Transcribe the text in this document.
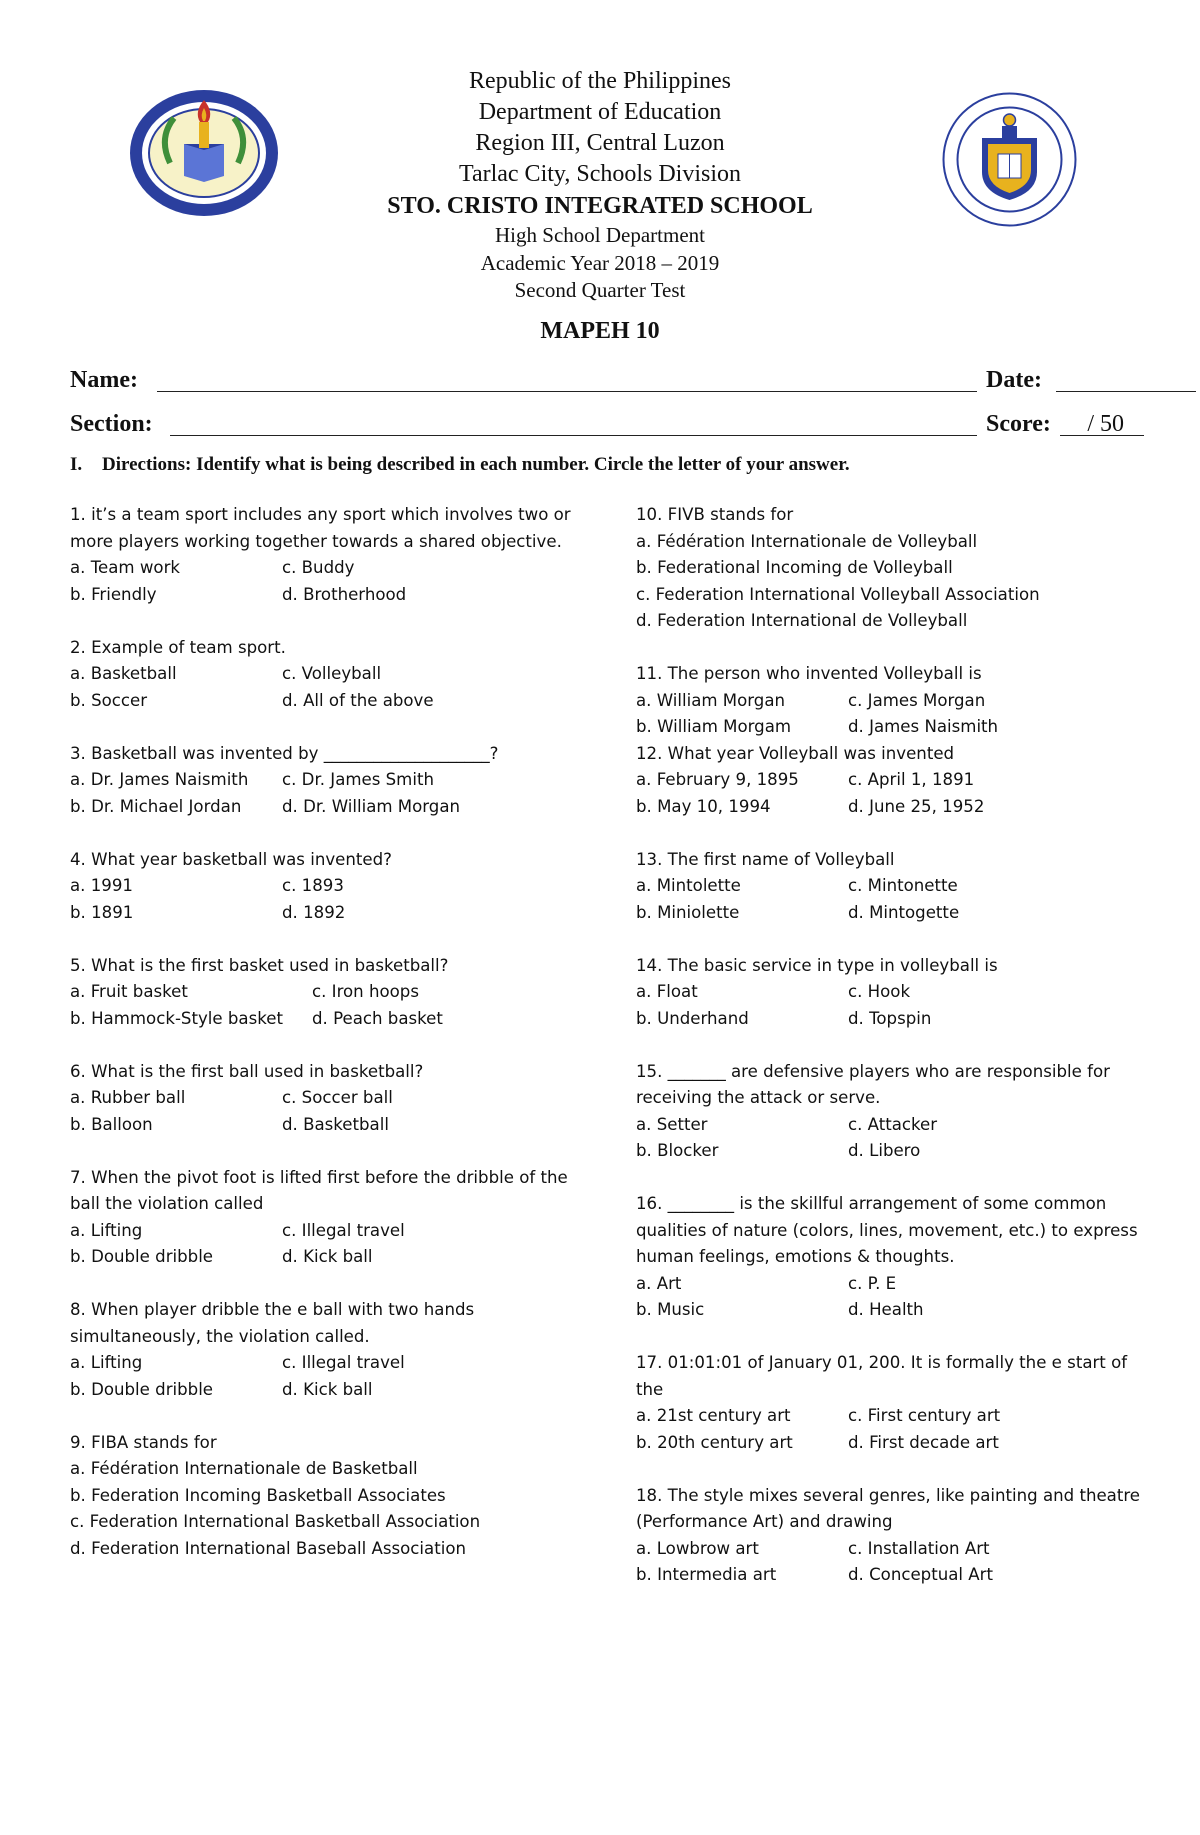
Republic of the Philippines
Department of Education
Region III, Central Luzon
Tarlac City, Schools Division
STO. CRISTO INTEGRATED SCHOOL
High School Department
Academic Year 2018 – 2019
Second Quarter Test
MAPEH 10
Name:	Date:
Section:	Score: / 50
I. Directions: Identify what is being described in each number. Circle the letter of your answer.
1. it’s a team sport includes any sport which involves two or more players working together towards a shared objective.
a. Team work	c. Buddy
b. Friendly	d. Brotherhood
2. Example of team sport.
a. Basketball	c. Volleyball
b. Soccer	d. All of the above
3. Basketball was invented by ____________________?
a. Dr. James Naismith	c. Dr. James Smith
b. Dr. Michael Jordan	d. Dr. William Morgan
4. What year basketball was invented?
a. 1991	c. 1893
b. 1891	d. 1892
5. What is the first basket used in basketball?
a. Fruit basket	c. Iron hoops
b. Hammock-Style basket	d. Peach basket
6. What is the first ball used in basketball?
a. Rubber ball	c. Soccer ball
b. Balloon	d. Basketball
7. When the pivot foot is lifted first before the dribble of the ball the violation called
a. Lifting	c. Illegal travel
b. Double dribble	d. Kick ball
8. When player dribble the e ball with two hands simultaneously, the violation called.
a. Lifting	c. Illegal travel
b. Double dribble	d. Kick ball
9. FIBA stands for
a. Fédération Internationale de Basketball
b. Federation Incoming Basketball Associates
c. Federation International Basketball Association
d. Federation International Baseball Association
10. FIVB stands for
a. Fédération Internationale de Volleyball
b. Federational Incoming de Volleyball
c. Federation International Volleyball Association
d. Federation International de Volleyball
11. The person who invented Volleyball is
a. William Morgan	c. James Morgan
b. William Morgam	d. James Naismith
12. What year Volleyball was invented
a. February 9, 1895	c. April 1, 1891
b. May 10, 1994	d. June 25, 1952
13. The first name of Volleyball
a. Mintolette	c. Mintonette
b. Miniolette	d. Mintogette
14. The basic service in type in volleyball is
a. Float	c. Hook
b. Underhand	d. Topspin
15. _______ are defensive players who are responsible for receiving the attack or serve.
a. Setter	c. Attacker
b. Blocker	d. Libero
16. ________ is the skillful arrangement of some common qualities of nature (colors, lines, movement, etc.) to express human feelings, emotions & thoughts.
a. Art	c. P. E
b. Music	d. Health
17. 01:01:01 of January 01, 200. It is formally the e start of the
a. 21st century art	c. First century art
b. 20th century art	d. First decade art
18. The style mixes several genres, like painting and theatre (Performance Art) and drawing
a. Lowbrow art	c. Installation Art
b. Intermedia art	d. Conceptual Art
